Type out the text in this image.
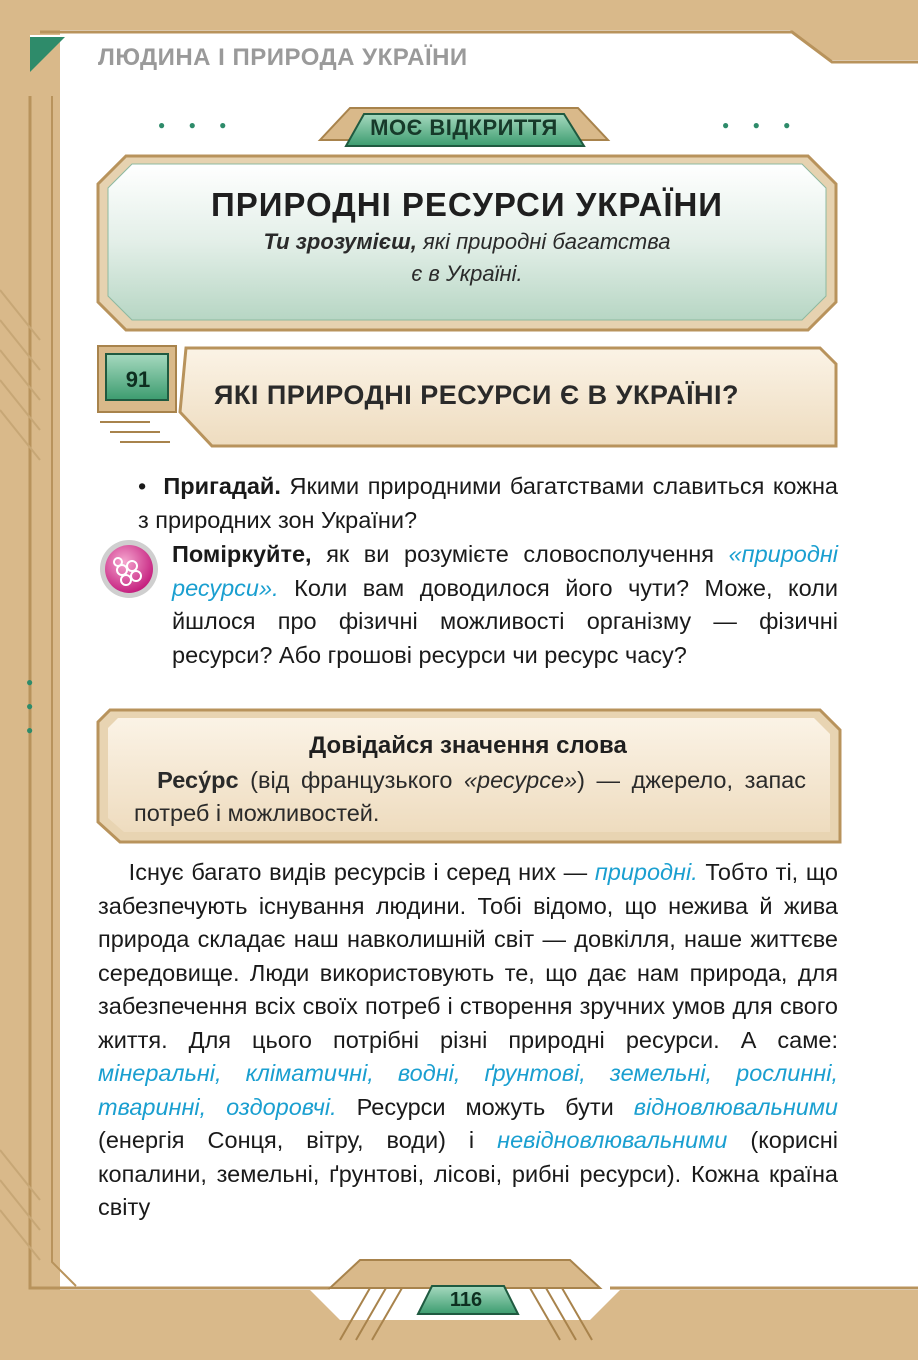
ЛЮДИНА І ПРИРОДА УКРАЇНИ
● ● ●	● ● ●
●
●
●
МОЄ ВІДКРИТТЯ
ПРИРОДНІ РЕСУРСИ УКРАЇНИ
Ти зрозумієш, які природні багатства
є в Україні.
91
ЯКІ ПРИРОДНІ РЕСУРСИ Є В УКРАЇНІ?
• Пригадай. Якими природними багатствами славиться кожна з природних зон України?
Поміркуйте, як ви розумієте словосполучення «природні ресурси». Коли вам доводилося його чути? Може, коли йшлося про фізичні можливості організму — фізичні ресурси? Або грошові ресурси чи ресурс часу?
Довідайся значення слова
Ресу́рс (від французького «ресурсе») — джерело, запас потреб і можливостей.

Існує багато видів ресурсів і серед них — природні. Тобто ті, що забезпечують існування людини. Тобі відомо, що нежива й жива природа складає наш навколишній світ — довкілля, наше життєве середовище. Люди використовують те, що дає нам природа, для забезпечення всіх своїх потреб і створення зручних умов для свого життя. Для цього потрібні різні природні ресурси. А саме: мінеральні, кліматичні, водні, ґрунтові, земельні, рослинні, тваринні, оздоровчі. Ресурси можуть бути відновлювальними (енергія Сонця, вітру, води) і невідновлювальними (корисні копалини, земельні, ґрунтові, лісові, рибні ресурси). Кожна країна світу

116
